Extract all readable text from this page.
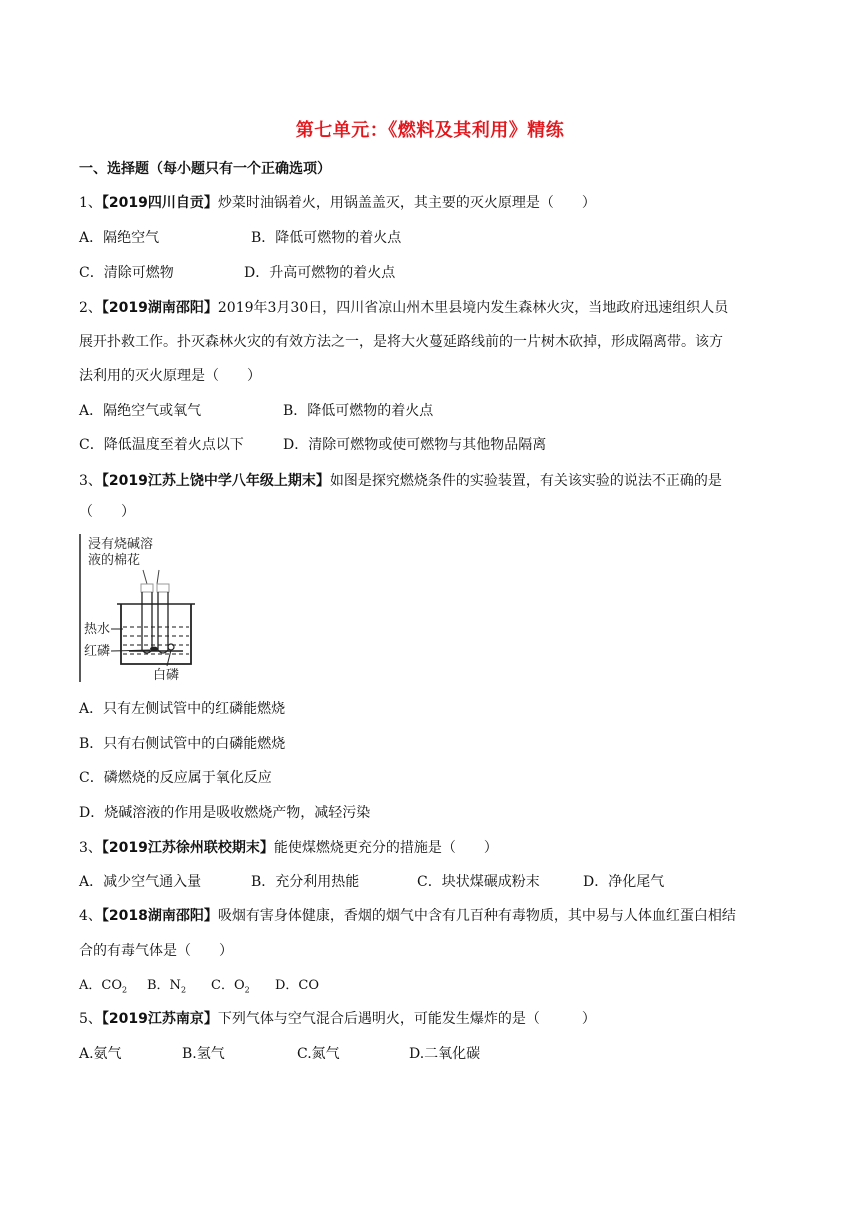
第七单元：《燃料及其利用》精练
一、选择题（每小题只有一个正确选项）
1、【2019四川自贡】炒菜时油锅着火，用锅盖盖灭，其主要的灭火原理是（　　）
A．隔绝空气	B．降低可燃物的着火点
C．清除可燃物	D．升高可燃物的着火点
2、【2019湖南邵阳】2019年3月30日，四川省凉山州木里县境内发生森林火灾，当地政府迅速组织人员
展开扑救工作。扑灭森林火灾的有效方法之一，是将大火蔓延路线前的一片树木砍掉，形成隔离带。该方
法利用的灭火原理是（　　）
A．隔绝空气或氧气	B．降低可燃物的着火点
C．降低温度至着火点以下	D．清除可燃物或使可燃物与其他物品隔离
3、【2019江苏上饶中学八年级上期末】如图是探究燃烧条件的实验装置，有关该实验的说法不正确的是
（　　）
浸有烧碱溶
液的棉花
热水
红磷
白磷
A．只有左侧试管中的红磷能燃烧
B．只有右侧试管中的白磷能燃烧
C．磷燃烧的反应属于氧化反应
D．烧碱溶液的作用是吸收燃烧产物，减轻污染
3、【2019江苏徐州联校期末】能使煤燃烧更充分的措施是（　　）
A．减少空气通入量	B．充分利用热能	C．块状煤碾成粉末	D．净化尾气
4、【2018湖南邵阳】吸烟有害身体健康，香烟的烟气中含有几百种有毒物质，其中易与人体血红蛋白相结
合的有毒气体是（　　）
A．$CO_2$ B．$N_2$ C．$O_2$ D．CO
5、【2019江苏南京】下列气体与空气混合后遇明火，可能发生爆炸的是（　　　）
A.氨气	B.氢气	C.氮气	D.二氧化碳
